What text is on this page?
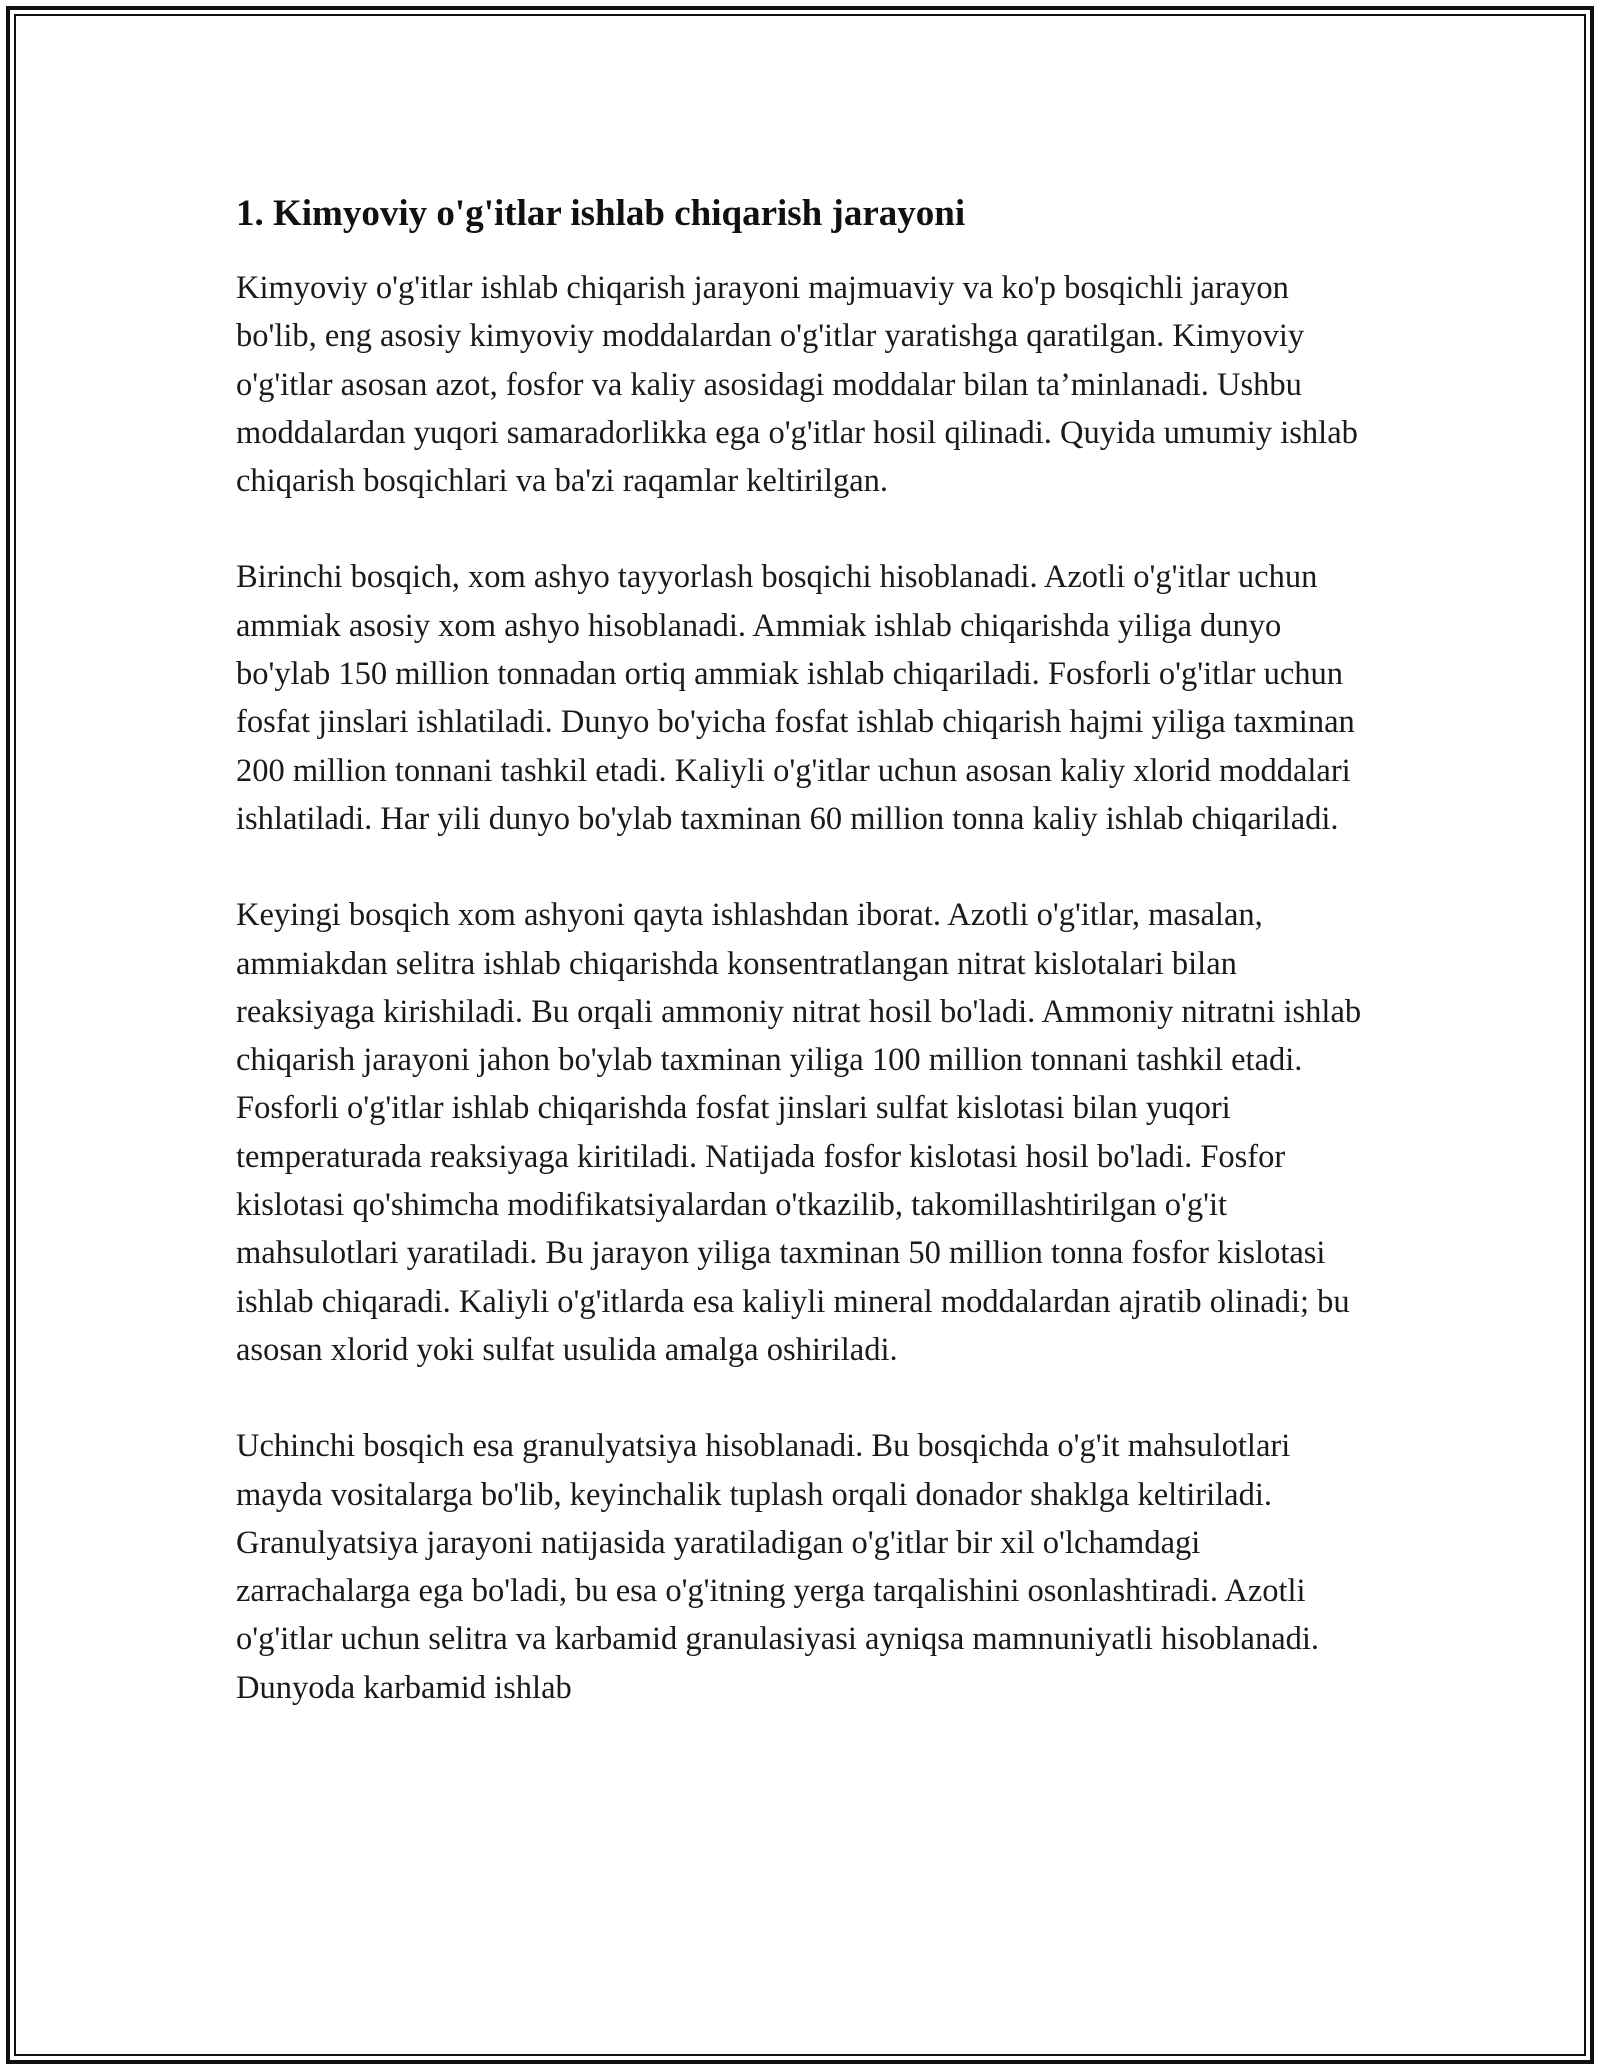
1. Kimyoviy o'g'itlar ishlab chiqarish jarayoni

Kimyoviy o'g'itlar ishlab chiqarish jarayoni majmuaviy va ko'p bosqichli jarayon bo'lib, eng asosiy kimyoviy moddalardan o'g'itlar yaratishga qaratilgan. Kimyoviy o'g'itlar asosan azot, fosfor va kaliy asosidagi moddalar bilan ta’minlanadi. Ushbu moddalardan yuqori samaradorlikka ega o'g'itlar hosil qilinadi. Quyida umumiy ishlab chiqarish bosqichlari va ba'zi raqamlar keltirilgan.

Birinchi bosqich, xom ashyo tayyorlash bosqichi hisoblanadi. Azotli o'g'itlar uchun ammiak asosiy xom ashyo hisoblanadi. Ammiak ishlab chiqarishda yiliga dunyo bo'ylab 150 million tonnadan ortiq ammiak ishlab chiqariladi. Fosforli o'g'itlar uchun fosfat jinslari ishlatiladi. Dunyo bo'yicha fosfat ishlab chiqarish hajmi yiliga taxminan 200 million tonnani tashkil etadi. Kaliyli o'g'itlar uchun asosan kaliy xlorid moddalari ishlatiladi. Har yili dunyo bo'ylab taxminan 60 million tonna kaliy ishlab chiqariladi.

Keyingi bosqich xom ashyoni qayta ishlashdan iborat. Azotli o'g'itlar, masalan, ammiakdan selitra ishlab chiqarishda konsentratlangan nitrat kislotalari bilan reaksiyaga kirishiladi. Bu orqali ammoniy nitrat hosil bo'ladi. Ammoniy nitratni ishlab chiqarish jarayoni jahon bo'ylab taxminan yiliga 100 million tonnani tashkil etadi. Fosforli o'g'itlar ishlab chiqarishda fosfat jinslari sulfat kislotasi bilan yuqori temperaturada reaksiyaga kiritiladi. Natijada fosfor kislotasi hosil bo'ladi. Fosfor kislotasi qo'shimcha modifikatsiyalardan o'tkazilib, takomillashtirilgan o'g'it mahsulotlari yaratiladi. Bu jarayon yiliga taxminan 50 million tonna fosfor kislotasi ishlab chiqaradi. Kaliyli o'g'itlarda esa kaliyli mineral moddalardan ajratib olinadi; bu asosan xlorid yoki sulfat usulida amalga oshiriladi.

Uchinchi bosqich esa granulyatsiya hisoblanadi. Bu bosqichda o'g'it mahsulotlari mayda vositalarga bo'lib, keyinchalik tuplash orqali donador shaklga keltiriladi. Granulyatsiya jarayoni natijasida yaratiladigan o'g'itlar bir xil o'lchamdagi zarrachalarga ega bo'ladi, bu esa o'g'itning yerga tarqalishini osonlashtiradi. Azotli o'g'itlar uchun selitra va karbamid granulasiyasi ayniqsa mamnuniyatli hisoblanadi. Dunyoda karbamid ishlab
